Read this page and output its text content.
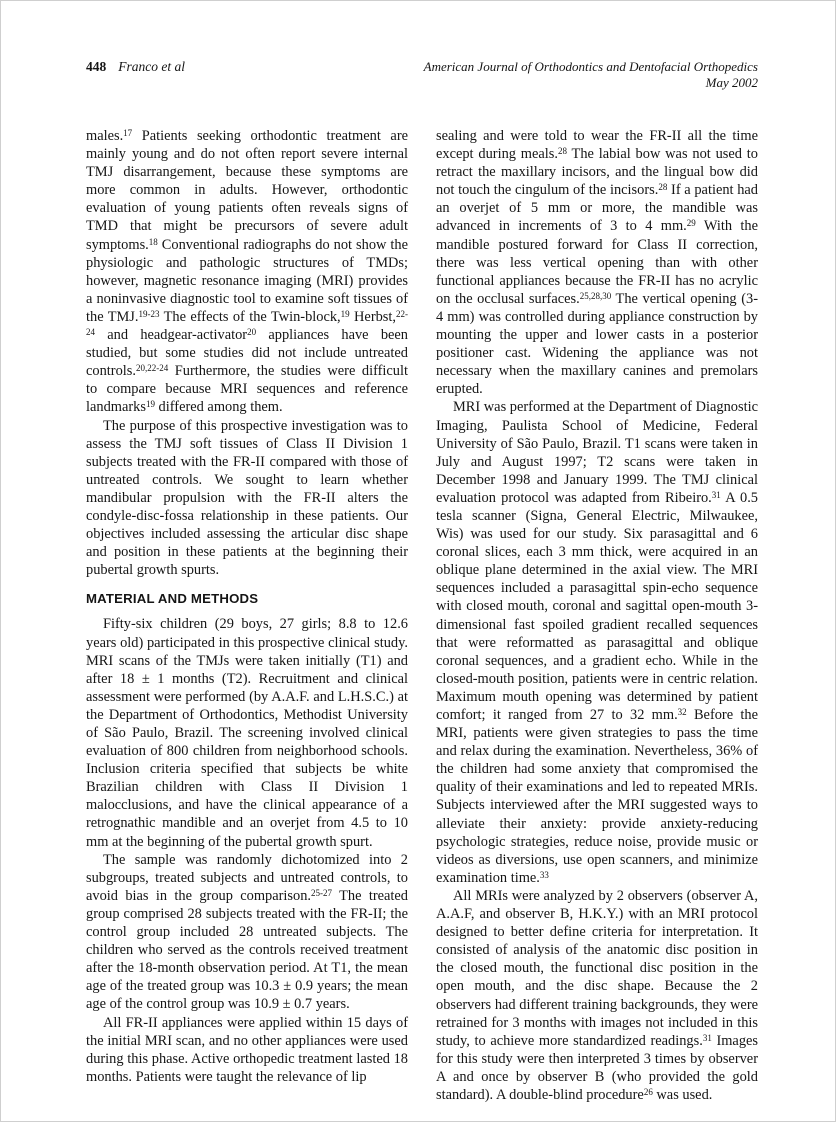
448 Franco et al	American Journal of Orthodontics and Dentofacial Orthopedics
May 2002

males.$^{17}$ Patients seeking orthodontic treatment are mainly young and do not often report severe internal TMJ disarrangement, because these symptoms are more common in adults. However, orthodontic evaluation of young patients often reveals signs of TMD that might be precursors of severe adult symptoms.$^{18}$ Conventional radiographs do not show the physiologic and pathologic structures of TMDs; however, magnetic resonance imaging (MRI) provides a noninvasive diagnostic tool to examine soft tissues of the TMJ.$^{19-23}$ The effects of the Twin-block,$^{19}$ Herbst,$^{22-24}$ and headgear-activator$^{20}$ appliances have been studied, but some studies did not include untreated controls.$^{20,22-24}$ Furthermore, the studies were difficult to compare because MRI sequences and reference landmarks$^{19}$ differed among them.

The purpose of this prospective investigation was to assess the TMJ soft tissues of Class II Division 1 subjects treated with the FR-II compared with those of untreated controls. We sought to learn whether mandibular propulsion with the FR-II alters the condyle-disc-fossa relationship in these patients. Our objectives included assessing the articular disc shape and position in these patients at the beginning their pubertal growth spurts.

MATERIAL AND METHODS

Fifty-six children (29 boys, 27 girls; 8.8 to 12.6 years old) participated in this prospective clinical study. MRI scans of the TMJs were taken initially (T1) and after 18 ± 1 months (T2). Recruitment and clinical assessment were performed (by A.A.F. and L.H.S.C.) at the Department of Orthodontics, Methodist University of São Paulo, Brazil. The screening involved clinical evaluation of 800 children from neighborhood schools. Inclusion criteria specified that subjects be white Brazilian children with Class II Division 1 malocclusions, and have the clinical appearance of a retrognathic mandible and an overjet from 4.5 to 10 mm at the beginning of the pubertal growth spurt.

The sample was randomly dichotomized into 2 subgroups, treated subjects and untreated controls, to avoid bias in the group comparison.$^{25-27}$ The treated group comprised 28 subjects treated with the FR-II; the control group included 28 untreated subjects. The children who served as the controls received treatment after the 18-month observation period. At T1, the mean age of the treated group was 10.3 ± 0.9 years; the mean age of the control group was 10.9 ± 0.7 years.

All FR-II appliances were applied within 15 days of the initial MRI scan, and no other appliances were used during this phase. Active orthopedic treatment lasted 18 months. Patients were taught the relevance of lip

sealing and were told to wear the FR-II all the time except during meals.$^{28}$ The labial bow was not used to retract the maxillary incisors, and the lingual bow did not touch the cingulum of the incisors.$^{28}$ If a patient had an overjet of 5 mm or more, the mandible was advanced in increments of 3 to 4 mm.$^{29}$ With the mandible postured forward for Class II correction, there was less vertical opening than with other functional appliances because the FR-II has no acrylic on the occlusal surfaces.$^{25,28,30}$ The vertical opening (3-4 mm) was controlled during appliance construction by mounting the upper and lower casts in a posterior positioner cast. Widening the appliance was not necessary when the maxillary canines and premolars erupted.

MRI was performed at the Department of Diagnostic Imaging, Paulista School of Medicine, Federal University of São Paulo, Brazil. T1 scans were taken in July and August 1997; T2 scans were taken in December 1998 and January 1999. The TMJ clinical evaluation protocol was adapted from Ribeiro.$^{31}$ A 0.5 tesla scanner (Signa, General Electric, Milwaukee, Wis) was used for our study. Six parasagittal and 6 coronal slices, each 3 mm thick, were acquired in an oblique plane determined in the axial view. The MRI sequences included a parasagittal spin-echo sequence with closed mouth, coronal and sagittal open-mouth 3-dimensional fast spoiled gradient recalled sequences that were reformatted as parasagittal and oblique coronal sequences, and a gradient echo. While in the closed-mouth position, patients were in centric relation. Maximum mouth opening was determined by patient comfort; it ranged from 27 to 32 mm.$^{32}$ Before the MRI, patients were given strategies to pass the time and relax during the examination. Nevertheless, 36% of the children had some anxiety that compromised the quality of their examinations and led to repeated MRIs. Subjects interviewed after the MRI suggested ways to alleviate their anxiety: provide anxiety-reducing psychologic strategies, reduce noise, provide music or videos as diversions, use open scanners, and minimize examination time.$^{33}$

All MRIs were analyzed by 2 observers (observer A, A.A.F, and observer B, H.K.Y.) with an MRI protocol designed to better define criteria for interpretation. It consisted of analysis of the anatomic disc position in the closed mouth, the functional disc position in the open mouth, and the disc shape. Because the 2 observers had different training backgrounds, they were retrained for 3 months with images not included in this study, to achieve more standardized readings.$^{31}$ Images for this study were then interpreted 3 times by observer A and once by observer B (who provided the gold standard). A double-blind procedure$^{26}$ was used.
